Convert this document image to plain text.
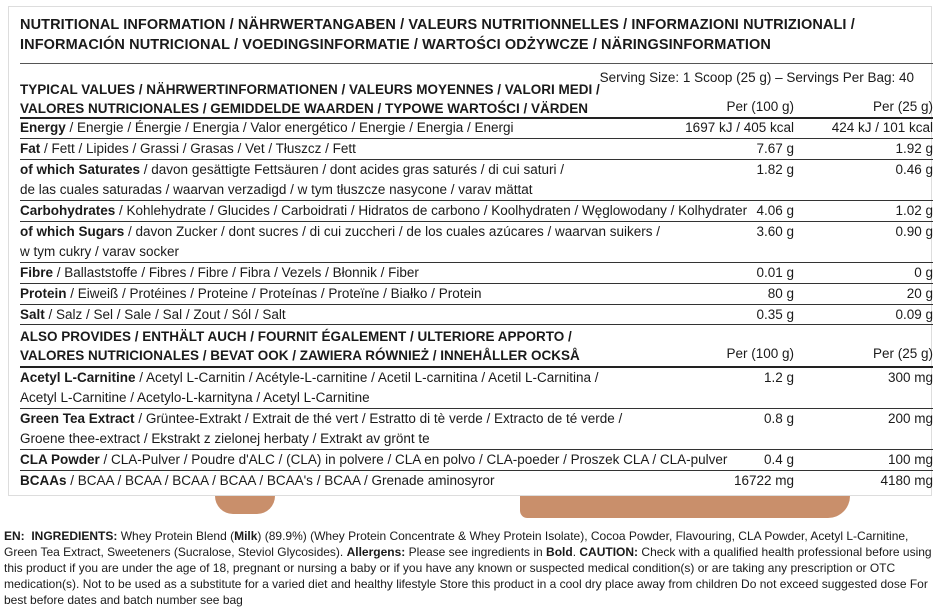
NUTRITIONAL INFORMATION / NÄHRWERTANGABEN / VALEURS NUTRITIONNELLES / INFORMAZIONI NUTRIZIONALI /
INFORMACIÓN NUTRICIONAL / VOEDINGSINFORMATIE / WARTOŚCI ODŻYWCZE / NÄRINGSINFORMATION
Serving Size: 1 Scoop (25 g) – Servings Per Bag: 40
TYPICAL VALUES / NÄHRWERTINFORMATIONEN / VALEURS MOYENNES / VALORI MEDI /
VALORES NUTRICIONALES / GEMIDDELDE WAARDEN / TYPOWE WARTOŚCI / VÄRDEN	Per (100 g)	Per (25 g)
Energy / Energie / Énergie / Energia / Valor energético / Energie / Energia / Energi	1697 kJ / 405 kcal	424 kJ / 101 kcal
Fat / Fett / Lipides / Grassi / Grasas / Vet / Tłuszcz / Fett	7.67 g	1.92 g
of which Saturates / davon gesättigte Fettsäuren / dont acides gras saturés / di cui saturi /
de las cuales saturadas / waarvan verzadigd / w tym tłuszcze nasycone / varav mättat
1.82 g	0.46 g
Carbohydrates / Kohlehydrate / Glucides / Carboidrati / Hidratos de carbono / Koolhydraten / Węglowodany / Kolhydrater 4.06 g	1.02 g
of which Sugars / davon Zucker / dont sucres / di cui zuccheri / de los cuales azúcares / waarvan suikers /
w tym cukry / varav socker
3.60 g	0.90 g
Fibre / Ballaststoffe / Fibres / Fibre / Fibra / Vezels / Błonnik / Fiber	0.01 g	0 g
Protein / Eiweiß / Protéines / Proteine / Proteínas / Proteïne / Białko / Protein	80 g	20 g
Salt / Salz / Sel / Sale / Sal / Zout / Sól / Salt	0.35 g	0.09 g
ALSO PROVIDES / ENTHÄLT AUCH / FOURNIT ÉGALEMENT / ULTERIORE APPORTO /
VALORES NUTRICIONALES / BEVAT OOK / ZAWIERA RÓWNIEŻ / INNEHÅLLER OCKSÅ	Per (100 g)	Per (25 g)
Acetyl L-Carnitine / Acetyl L-Carnitin / Acétyle-L-carnitine / Acetil L-carnitina / Acetil L-Carnitina /
Acetyl L-Carnitine / Acetylo-L-karnityna / Acetyl L-Carnitine
1.2 g	300 mg
Green Tea Extract / Grüntee-Extrakt / Extrait de thé vert / Estratto di tè verde / Extracto de té verde /
Groene thee-extract / Ekstrakt z zielonej herbaty / Extrakt av grönt te
0.8 g	200 mg
CLA Powder / CLA-Pulver / Poudre d'ALC / (CLA) in polvere / CLA en polvo / CLA-poeder / Proszek CLA / CLA-pulver	0.4 g	100 mg
BCAAs / BCAA / BCAA / BCAA / BCAA / BCAA's / BCAA / Grenade aminosyror	16722 mg	4180 mg
EN: INGREDIENTS: Whey Protein Blend (Milk) (89.9%) (Whey Protein Concentrate & Whey Protein Isolate), Cocoa Powder, Flavouring, CLA Powder, Acetyl L-Carnitine, Green Tea Extract, Sweeteners (Sucralose, Steviol Glycosides). Allergens: Please see ingredients in Bold. CAUTION: Check with a qualified health professional before using this product if you are under the age of 18, pregnant or nursing a baby or if you have any known or suspected medical condition(s) or are taking any prescription or OTC medication(s). Not to be used as a substitute for a varied diet and healthy lifestyle Store this product in a cool dry place away from children Do not exceed suggested dose For best before dates and batch number see bag
